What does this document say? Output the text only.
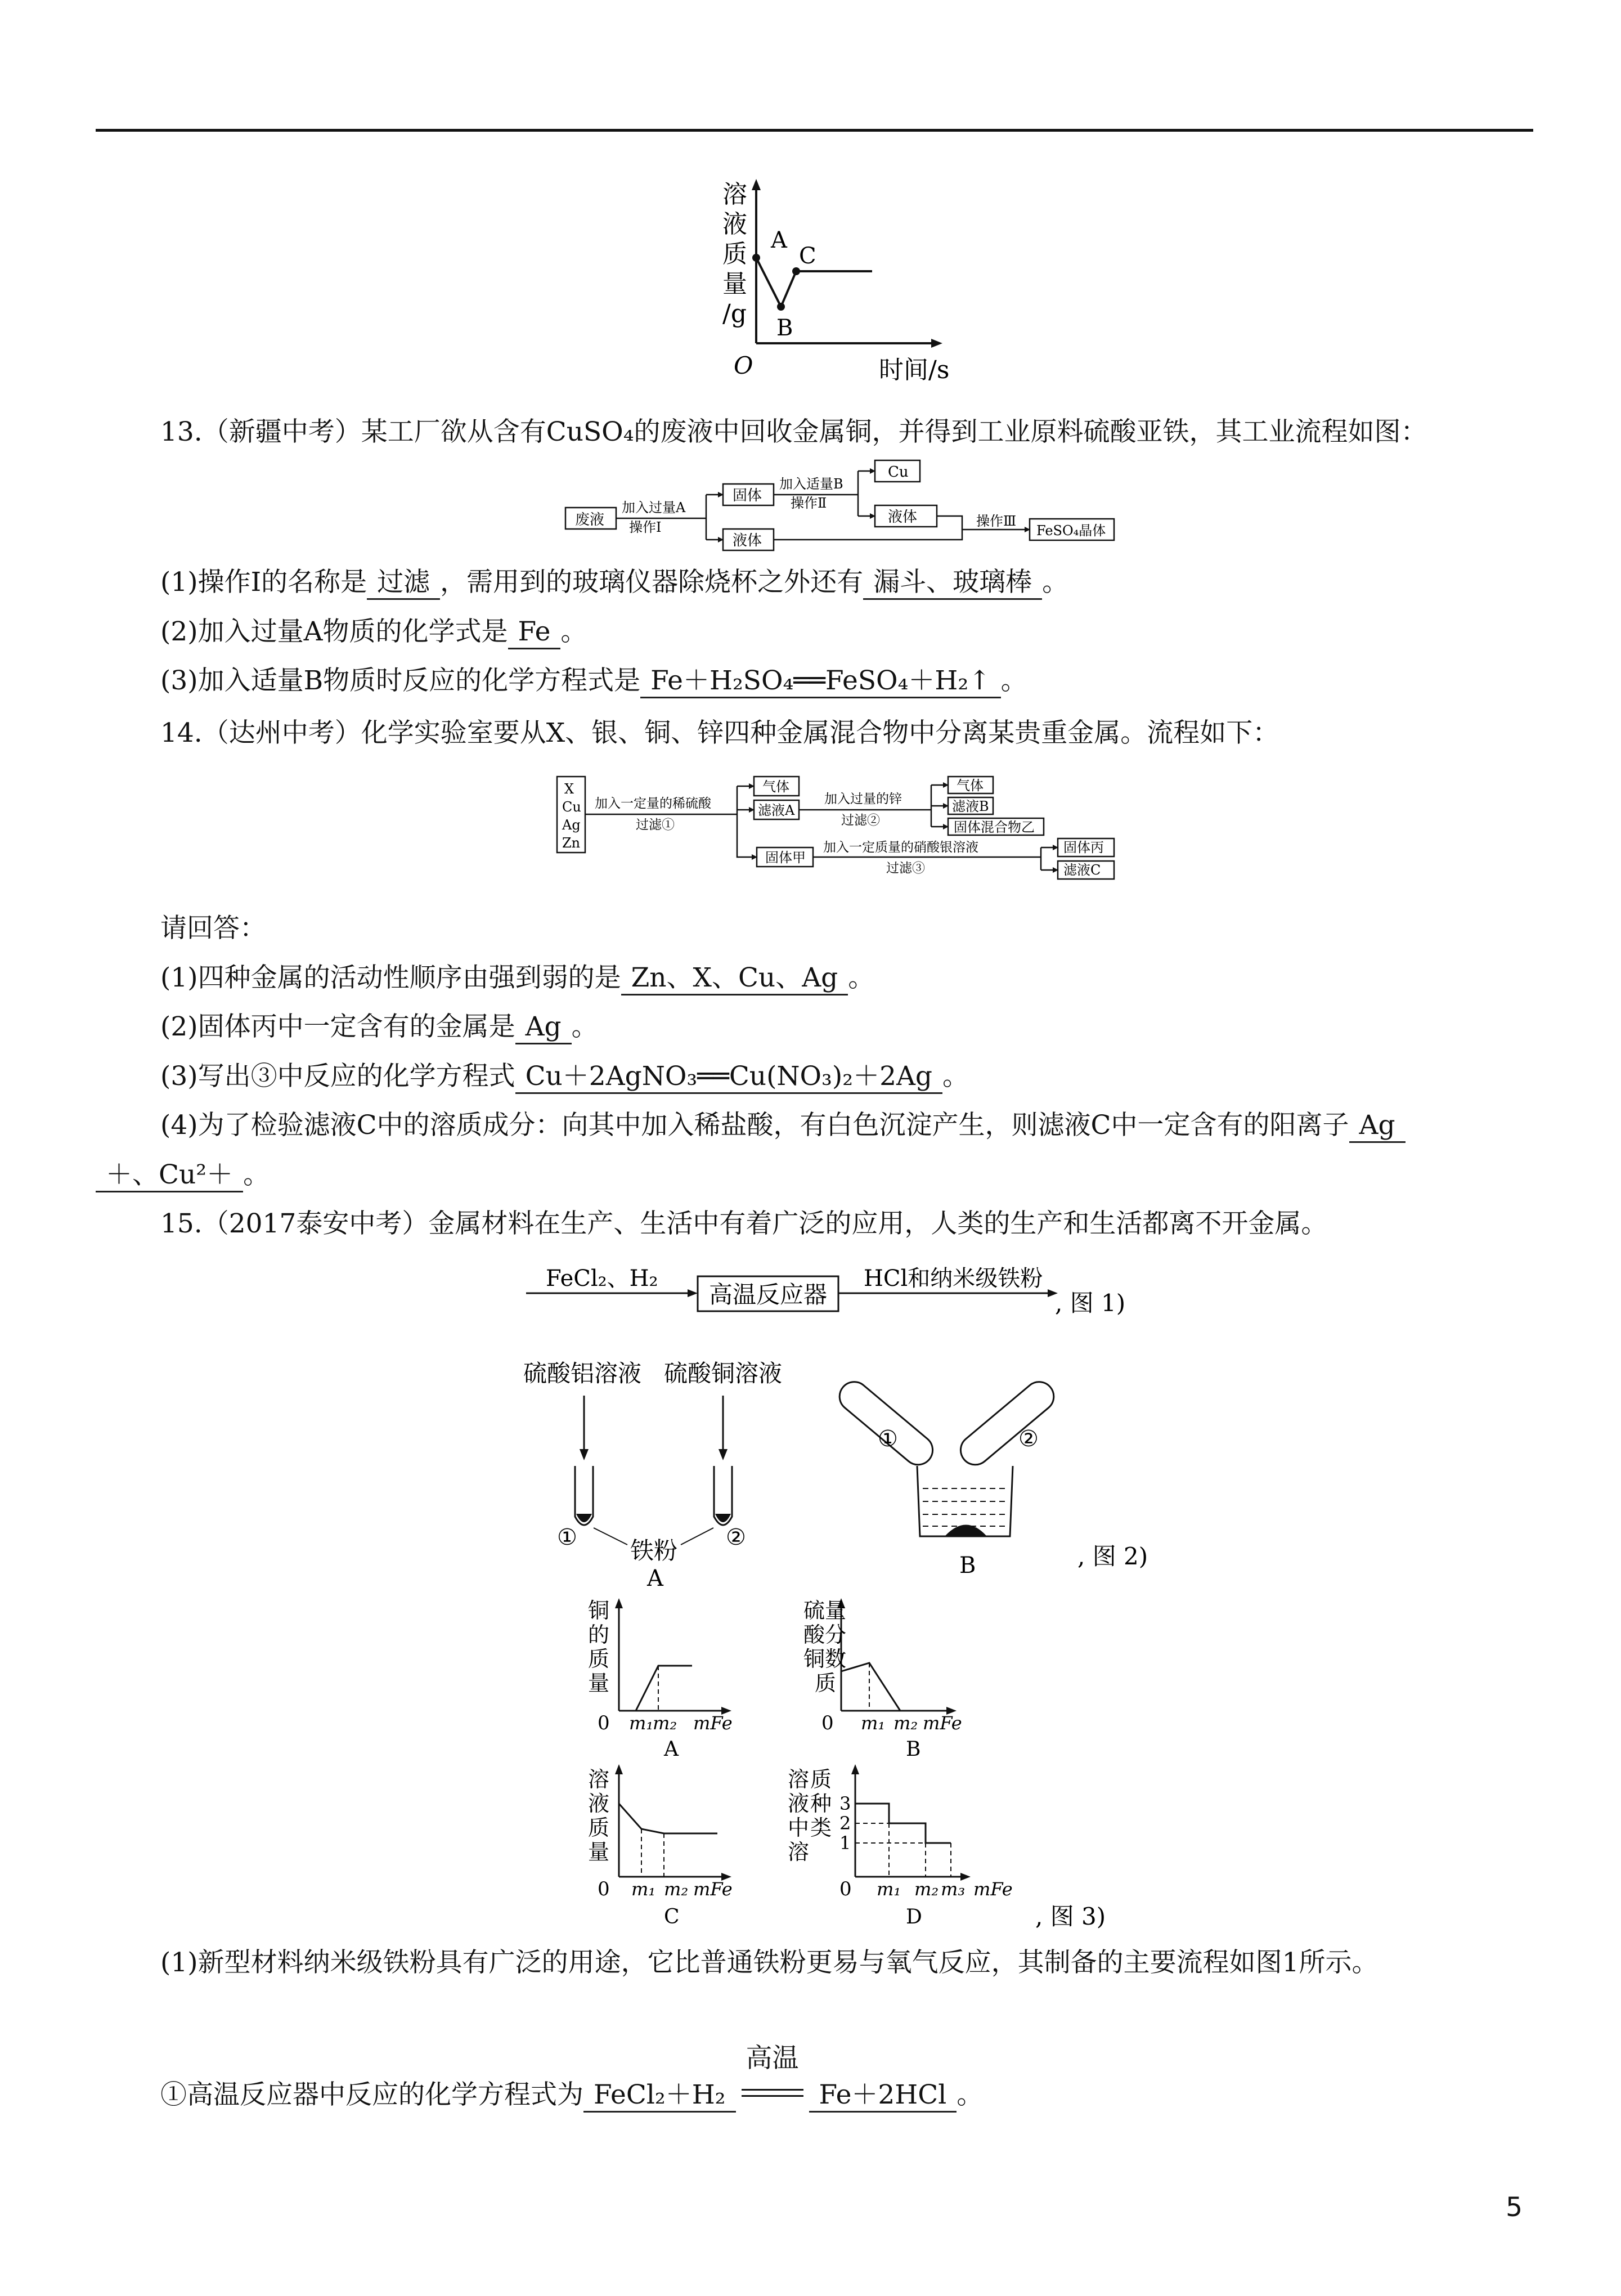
溶
液
质
量
/g
A
B
C
O	时间/s
13.（新疆中考）某工厂欲从含有CuSO₄的废液中回收金属铜，并得到工业原料硫酸亚铁，其工业流程如图：
废液
加入过量A
操作Ⅰ
固体
液体
加入适量B
操作Ⅱ
Cu
液体	操作Ⅲ
FeSO₄晶体
(1)操作Ⅰ的名称是 过滤 ，需用到的玻璃仪器除烧杯之外还有 漏斗、玻璃棒 。
(2)加入过量A物质的化学式是 Fe 。
(3)加入适量B物质时反应的化学方程式是 Fe＋H₂SO₄══FeSO₄＋H₂↑ 。
14.（达州中考）化学实验室要从X、银、铜、锌四种金属混合物中分离某贵重金属。流程如下：
X
Cu
Ag
Zn
加入一定量的稀硫酸
过滤①
气体
滤液A
加入过量的锌
过滤②
气体
滤液B
固体混合物乙
固体甲
加入一定质量的硝酸银溶液
过滤③
固体丙
滤液C
请回答：
(1)四种金属的活动性顺序由强到弱的是 Zn、X、Cu、Ag 。
(2)固体丙中一定含有的金属是 Ag 。
(3)写出③中反应的化学方程式 Cu＋2AgNO₃══Cu(NO₃)₂＋2Ag 。
(4)为了检验滤液C中的溶质成分：向其中加入稀盐酸，有白色沉淀产生，则滤液C中一定含有的阳离子 Ag
＋、Cu²＋ 。
15.（2017泰安中考）金属材料在生产、生活中有着广泛的应用，人类的生产和生活都离不开金属。
FeCl₂、H₂
高温反应器
HCl和纳米级铁粉
, 图 1)
硫酸铝溶液 硫酸铜溶液
①	②
铁粉
A
①	②
B	, 图 2)
铜
的
质
量
0 m₁
m₂ mFe
A
硫
酸
铜
量
分
数
质
0 m₁ m₂ mFe
B
溶
液
质
量
0 m₁ m₂ mFe
C
溶
液
中
溶
质
种
类
3
2
1
0 m₁ m₂ m₃ mFe
D	, 图 3)
(1)新型材料纳米级铁粉具有广泛的用途，它比普通铁粉更易与氧气反应，其制备的主要流程如图1所示。
①高温反应器中反应的化学方程式为 FeCl₂＋H₂
高温
Fe＋2HCl 。
5
